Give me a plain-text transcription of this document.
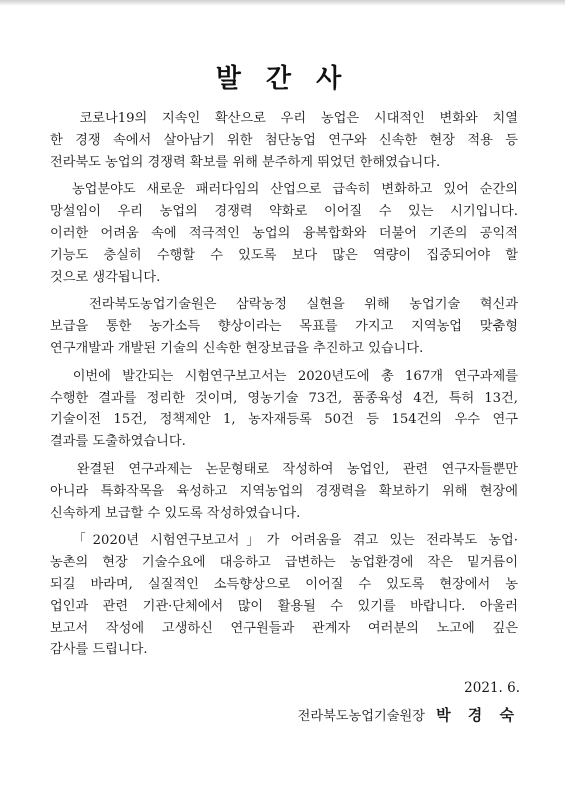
발 간 사
코로나19의 지속인 확산으로 우리 농업은 시대적인 변화와 치열
한 경쟁 속에서 살아남기 위한 첨단농업 연구와 신속한 현장 적용 등
전라북도 농업의 경쟁력 확보를 위해 분주하게 뛰었던 한해였습니다.
농업분야도 새로운 패러다임의 산업으로 급속히 변화하고 있어 순간의
망설임이 우리 농업의 경쟁력 약화로 이어질 수 있는 시기입니다.
이러한 어려움 속에 적극적인 농업의 융복합화와 더불어 기존의 공익적
기능도 충실히 수행할 수 있도록 보다 많은 역량이 집중되어야 할
것으로 생각됩니다.
전라북도농업기술원은 삼락농정 실현을 위해 농업기술 혁신과
보급을 통한 농가소득 향상이라는 목표를 가지고 지역농업 맞춤형
연구개발과 개발된 기술의 신속한 현장보급을 추진하고 있습니다.
이번에 발간되는 시험연구보고서는 2020년도에 총 167개 연구과제를
수행한 결과를 정리한 것이며, 영농기술 73건, 품종육성 4건, 특허 13건,
기술이전 15건, 정책제안 1, 농자재등록 50건 등 154건의 우수 연구
결과를 도출하였습니다.
완결된 연구과제는 논문형태로 작성하여 농업인, 관련 연구자들뿐만
아니라 특화작목을 육성하고 지역농업의 경쟁력을 확보하기 위해 현장에
신속하게 보급할 수 있도록 작성하였습니다.
「2020년 시험연구보고서」가 어려움을 겪고 있는 전라북도 농업·
농촌의 현장 기술수요에 대응하고 급변하는 농업환경에 작은 밑거름이
되길 바라며, 실질적인 소득향상으로 이어질 수 있도록 현장에서 농
업인과 관련 기관·단체에서 많이 활용될 수 있기를 바랍니다. 아울러
보고서 작성에 고생하신 연구원들과 관계자 여러분의 노고에 깊은
감사를 드립니다.
2021. 6.
전라북도농업기술원장 박 경 숙
